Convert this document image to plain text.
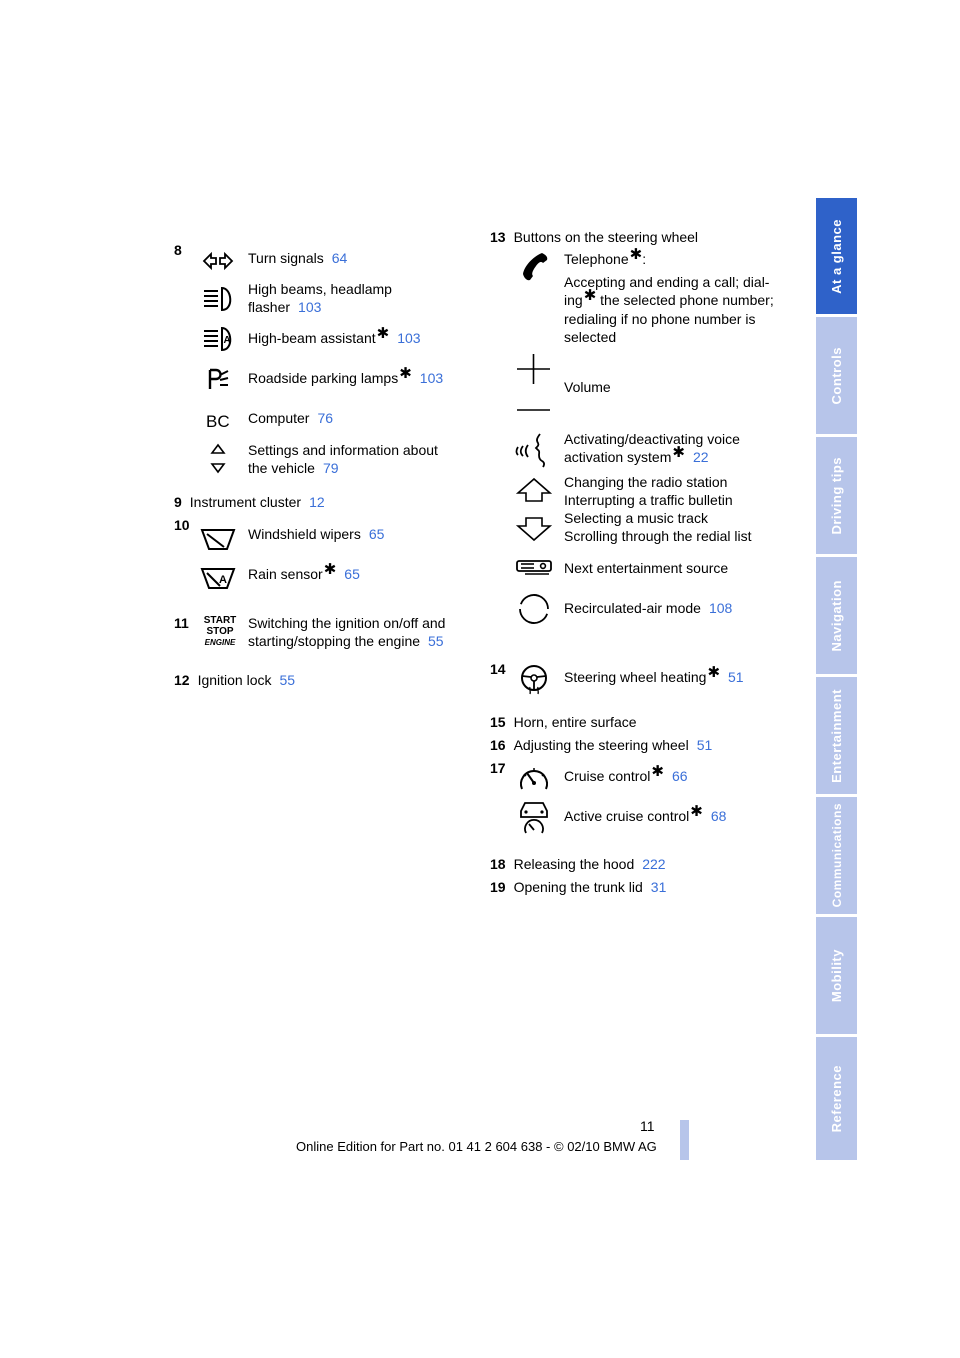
8	Turn signals 64
High beams, headlamp
flasher 103
A High-beam assistant✱ 103
Roadside parking lamps✱ 103
BC Computer 76
Settings and information about
the vehicle 79
9 Instrument cluster 12
10
Windshield wipers 65
A Rain sensor✱ 65
11	START
STOP
ENGINE
Switching the ignition on/off and
starting/stopping the engine 55
12 Ignition lock 55
13 Buttons on the steering wheel
Telephone✱:
Accepting and ending a call; dial-
ing✱ the selected phone number;
redialing if no phone number is
selected
Volume
Activating/deactivating voice
activation system✱ 22
Changing the radio station
Interrupting a traffic bulletin
Selecting a music track
Scrolling through the redial list
Next entertainment source
Recirculated-air mode 108
14	Steering wheel heating✱ 51
15 Horn, entire surface
16 Adjusting the steering wheel 51
17	Cruise control✱ 66
Active cruise control✱ 68
18 Releasing the hood 222
19 Opening the trunk lid 31
At a glance
Controls
Driving tips
Navigation
Entertainment
Communications
Mobility
Reference
11
Online Edition for Part no. 01 41 2 604 638 - © 02/10 BMW AG
